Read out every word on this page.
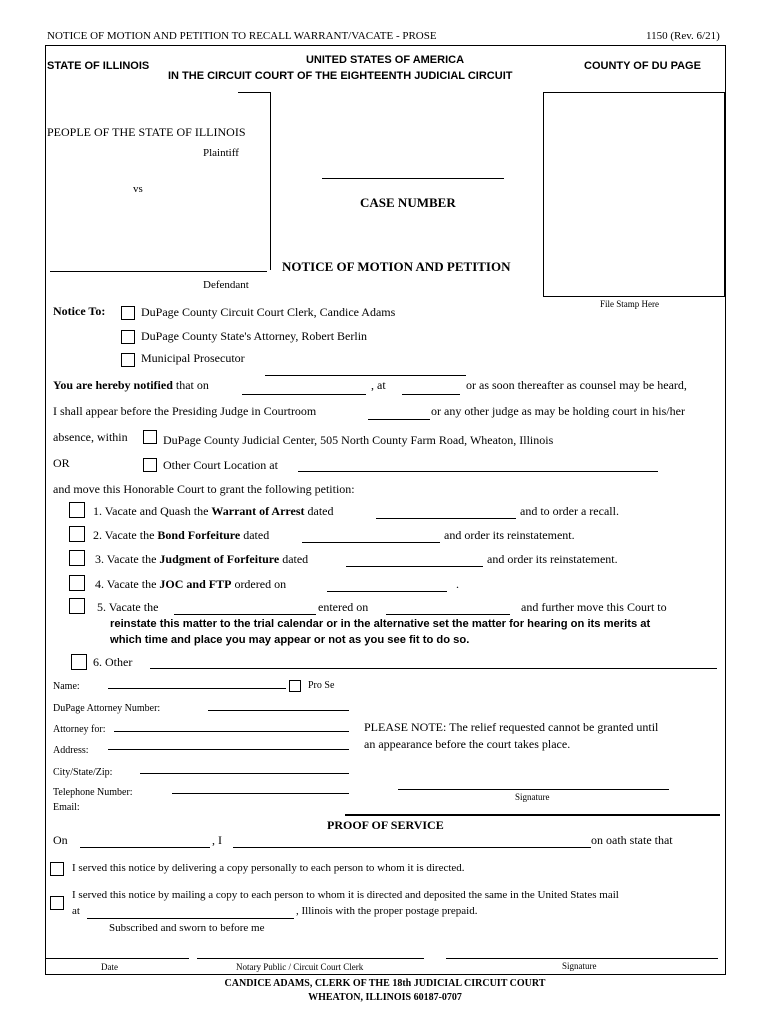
NOTICE OF MOTION AND PETITION TO RECALL WARRANT/VACATE - PROSE	1150 (Rev. 6/21)
STATE OF ILLINOIS	UNITED STATES OF AMERICA
IN THE CIRCUIT COURT OF THE EIGHTEENTH JUDICIAL CIRCUIT
COUNTY OF DU PAGE
PEOPLE OF THE STATE OF ILLINOIS
Plaintiff
vs
Defendant
CASE NUMBER
NOTICE OF MOTION AND PETITION
File Stamp Here
Notice To:	DuPage County Circuit Court Clerk, Candice Adams
DuPage County State's Attorney, Robert Berlin
Municipal Prosecutor
You are hereby notified that on	, at	or as soon thereafter as counsel may be heard,
I shall appear before the Presiding Judge in Courtroom	or any other judge as may be holding court in his/her
absence, within	DuPage County Judicial Center, 505 North County Farm Road, Wheaton, Illinois
OR	Other Court Location at
and move this Honorable Court to grant the following petition:
1. Vacate and Quash the Warrant of Arrest dated	and to order a recall.
2. Vacate the Bond Forfeiture dated	and order its reinstatement.
3. Vacate the Judgment of Forfeiture dated	and order its reinstatement.
4. Vacate the JOC and FTP ordered on	.
5. Vacate the	entered on	and further move this Court to
reinstate this matter to the trial calendar or in the alternative set the matter for hearing on its merits at
which time and place you may appear or not as you see fit to do so.
6. Other
Name:	Pro Se
DuPage Attorney Number:
Attorney for:
Address:
City/State/Zip:
Telephone Number:
Email:
PLEASE NOTE: The relief requested cannot be granted until
an appearance before the court takes place.
Signature
PROOF OF SERVICE
On	, I	on oath state that
I served this notice by delivering a copy personally to each person to whom it is directed.
I served this notice by mailing a copy to each person to whom it is directed and deposited the same in the United States mail
at	, Illinois with the proper postage prepaid.
Subscribed and sworn to before me
Date	Notary Public / Circuit Court Clerk	Signature
CANDICE ADAMS, CLERK OF THE 18th JUDICIAL CIRCUIT COURT
WHEATON, ILLINOIS 60187-0707
